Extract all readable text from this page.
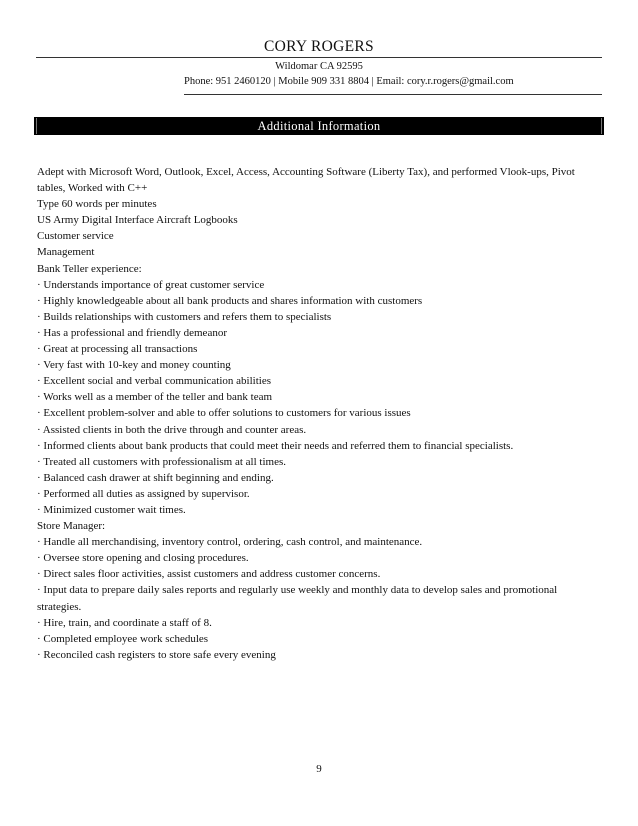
CORY ROGERS
Wildomar CA 92595
Phone: 951 2460120 | Mobile 909 331 8804 | Email: cory.r.rogers@gmail.com
Additional Information
Adept with Microsoft Word, Outlook, Excel, Access, Accounting Software (Liberty Tax), and performed Vlook-ups, Pivot tables, Worked with C++
Type 60 words per minutes
US Army Digital Interface Aircraft Logbooks
Customer service
Management
Bank Teller experience:
· Understands importance of great customer service
· Highly knowledgeable about all bank products and shares information with customers
· Builds relationships with customers and refers them to specialists
· Has a professional and friendly demeanor
· Great at processing all transactions
· Very fast with 10-key and money counting
· Excellent social and verbal communication abilities
· Works well as a member of the teller and bank team
· Excellent problem-solver and able to offer solutions to customers for various issues
· Assisted clients in both the drive through and counter areas.
· Informed clients about bank products that could meet their needs and referred them to financial specialists.
· Treated all customers with professionalism at all times.
· Balanced cash drawer at shift beginning and ending.
· Performed all duties as assigned by supervisor.
· Minimized customer wait times.
Store Manager:
· Handle all merchandising, inventory control, ordering, cash control, and maintenance.
· Oversee store opening and closing procedures.
· Direct sales floor activities, assist customers and address customer concerns.
· Input data to prepare daily sales reports and regularly use weekly and monthly data to develop sales and promotional strategies.
· Hire, train, and coordinate a staff of 8.
· Completed employee work schedules
· Reconciled cash registers to store safe every evening
9
